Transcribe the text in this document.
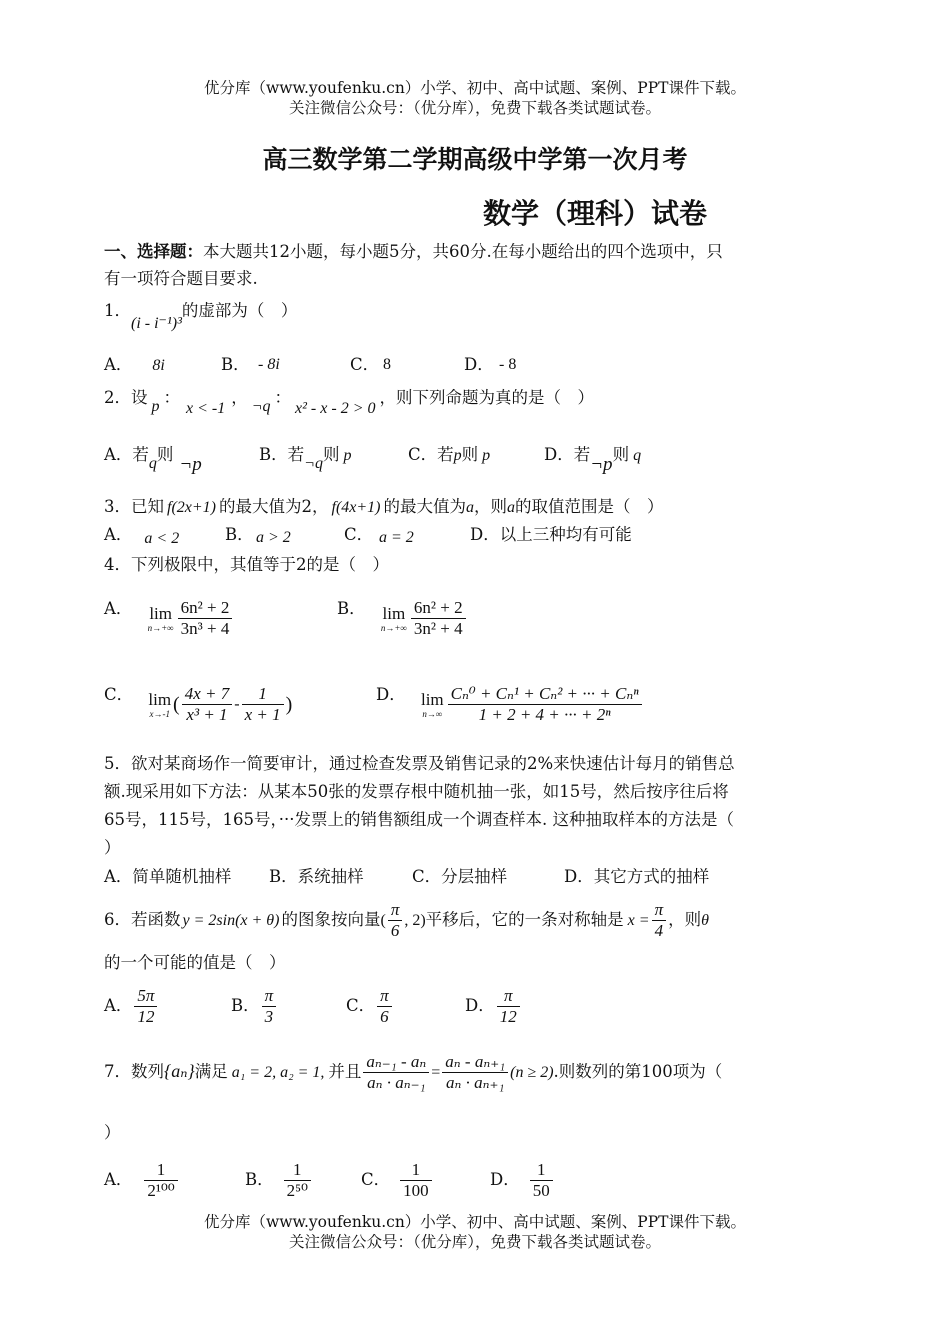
优分库（www.youfenku.cn）小学、初中、高中试题、案例、PPT课件下载。
关注微信公众号：（优分库），免费下载各类试题试卷。
高三数学第二学期高级中学第一次月考
数学（理科）试卷
一、选择题：本大题共12小题，每小题5分，共60分.在每小题给出的四个选项中，只
有一项符合题目要求.
1．(i - i⁻¹)³的虚部为（　）
A． 8i	B． - 8i	C． 8	D． - 8
2．设 p ：x < -1， ¬q ：x² - x - 2 > 0，则下列命题为真的是（　）
A．若q则 ¬p	B．若¬q则 p	C．若p则 p	D．若¬p则 q
3．已知 f(2x+1) 的最大值为2， f(4x+1) 的最大值为a，则a的取值范围是（　）
A． a < 2	B． a > 2	C． a = 2	D．以上三种均有可能
4．下列极限中，其值等于2的是（　）
A． lim
$n\to+\infty \frac{\text{6n² + 2}}{\text{3n³ + 4}}$	B． lim
$n\to+\infty \frac{\text{6n² + 2}}{\text{3n² + 4}}$
C． lim
x→-1 ( $\frac{4x + 7}{\text{x³ + 1}} - \frac{1}{x + 1}$ )	D． lim
$n\to\infty \frac{\text{Cₙ⁰ + Cₙ¹ + Cₙ² + ··· + Cₙⁿ}}{\text{1 + 2 + 4 + ··· + 2ⁿ}}$
5．欲对某商场作一简要审计，通过检查发票及销售记录的2%来快速估计每月的销售总
额.现采用如下方法：从某本50张的发票存根中随机抽一张，如15号，然后按序往后将
65号，115号，165号，···发票上的销售额组成一个调查样本. 这种抽取样本的方法是（
）
A．简单随机抽样 B．系统抽样	C．分层抽样	D．其它方式的抽样
6．若函数 y = 2sin(x + θ) 的图象按向量( $\frac{\pi}{6}$ , 2)平移后，它的一条对称轴是 $x = \frac{\pi}{4}$ ，则θ
的一个可能的值是（　）
A． $\frac{5\pi}{12}$	B． $\frac{\pi}{3}$	C． $\frac{\pi}{6}$	D． $\frac{\pi}{12}$
7．数列{aₙ}满足 a₁ = 2, a₂ = 1, 并且 $\frac{\text{aₙ₋₁ - aₙ}}{\text{aₙ · aₙ₋₁}} = \frac{\text{aₙ - aₙ₊₁}}{\text{aₙ · aₙ₊₁}} (n \ge 2)$.则数列的第100项为（
）
A． $\frac{1}{\text{2¹⁰⁰}}$	B． $\frac{1}{\text{2⁵⁰}}$	C． $\frac{1}{100}$	D． $\frac{1}{50}$
优分库（www.youfenku.cn）小学、初中、高中试题、案例、PPT课件下载。
关注微信公众号：（优分库），免费下载各类试题试卷。
